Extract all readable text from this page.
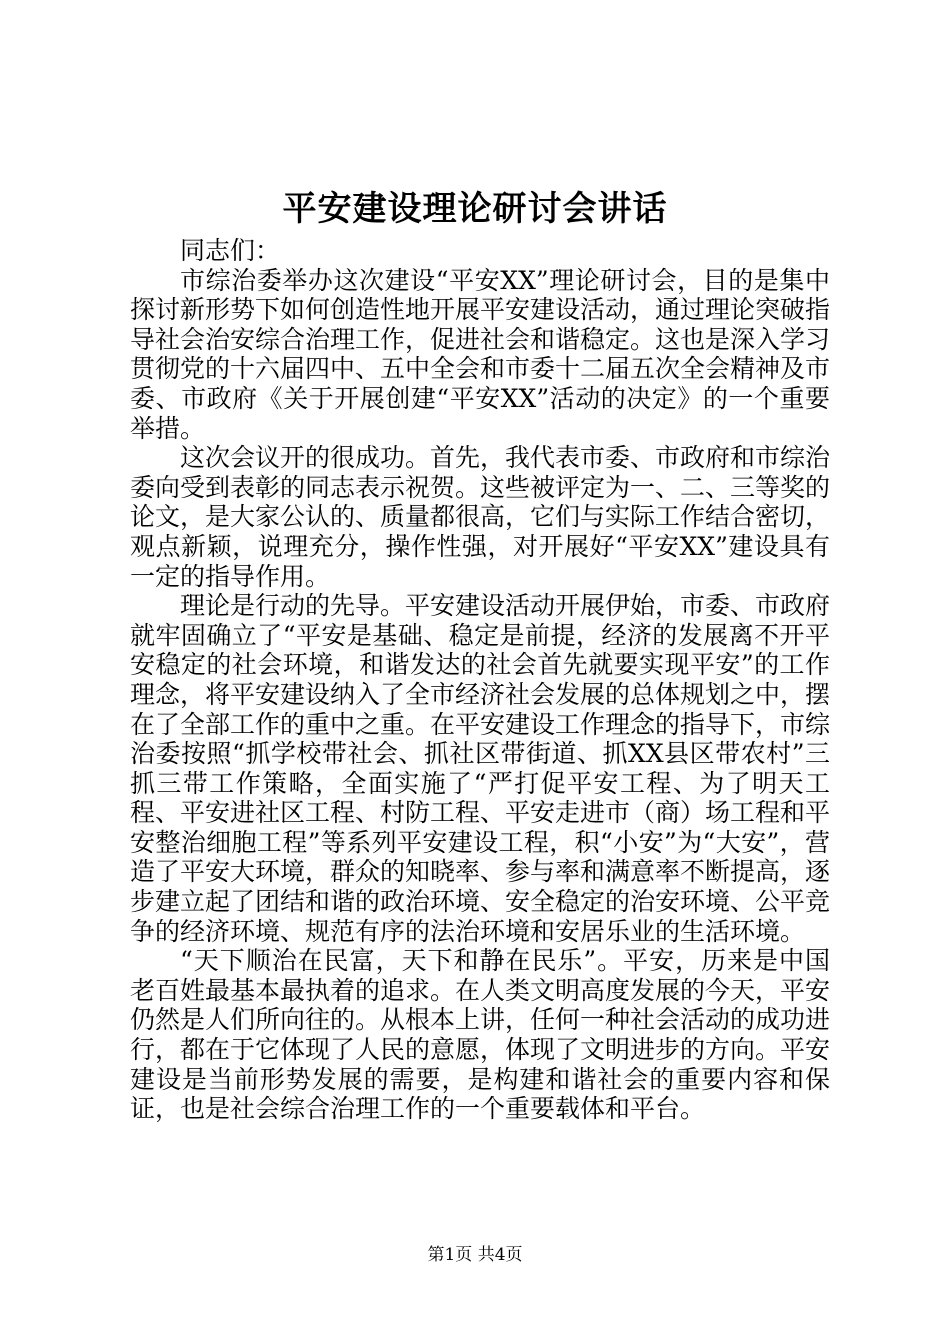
平安建设理论研讨会讲话

同志们：

市综治委举办这次建设“平安XX”理论研讨会，目的是集中探讨新形势下如何创造性地开展平安建设活动，通过理论突破指导社会治安综合治理工作，促进社会和谐稳定。这也是深入学习贯彻党的十六届四中、五中全会和市委十二届五次全会精神及市委、市政府《关于开展创建“平安XX”活动的决定》的一个重要举措。

这次会议开的很成功。首先，我代表市委、市政府和市综治委向受到表彰的同志表示祝贺。这些被评定为一、二、三等奖的论文，是大家公认的、质量都很高，它们与实际工作结合密切，观点新颖，说理充分，操作性强，对开展好“平安XX”建设具有一定的指导作用。

理论是行动的先导。平安建设活动开展伊始，市委、市政府就牢固确立了“平安是基础、稳定是前提，经济的发展离不开平安稳定的社会环境，和谐发达的社会首先就要实现平安”的工作理念，将平安建设纳入了全市经济社会发展的总体规划之中，摆在了全部工作的重中之重。在平安建设工作理念的指导下，市综治委按照“抓学校带社会、抓社区带街道、抓XX县区带农村”三抓三带工作策略，全面实施了“严打促平安工程、为了明天工程、平安进社区工程、村防工程、平安走进市（商）场工程和平安整治细胞工程”等系列平安建设工程，积“小安”为“大安”，营造了平安大环境，群众的知晓率、参与率和满意率不断提高，逐步建立起了团结和谐的政治环境、安全稳定的治安环境、公平竞争的经济环境、规范有序的法治环境和安居乐业的生活环境。

“天下顺治在民富，天下和静在民乐”。平安，历来是中国老百姓最基本最执着的追求。在人类文明高度发展的今天，平安仍然是人们所向往的。从根本上讲，任何一种社会活动的成功进行，都在于它体现了人民的意愿，体现了文明进步的方向。平安建设是当前形势发展的需要，是构建和谐社会的重要内容和保证，也是社会综合治理工作的一个重要载体和平台。

第1页 共4页
